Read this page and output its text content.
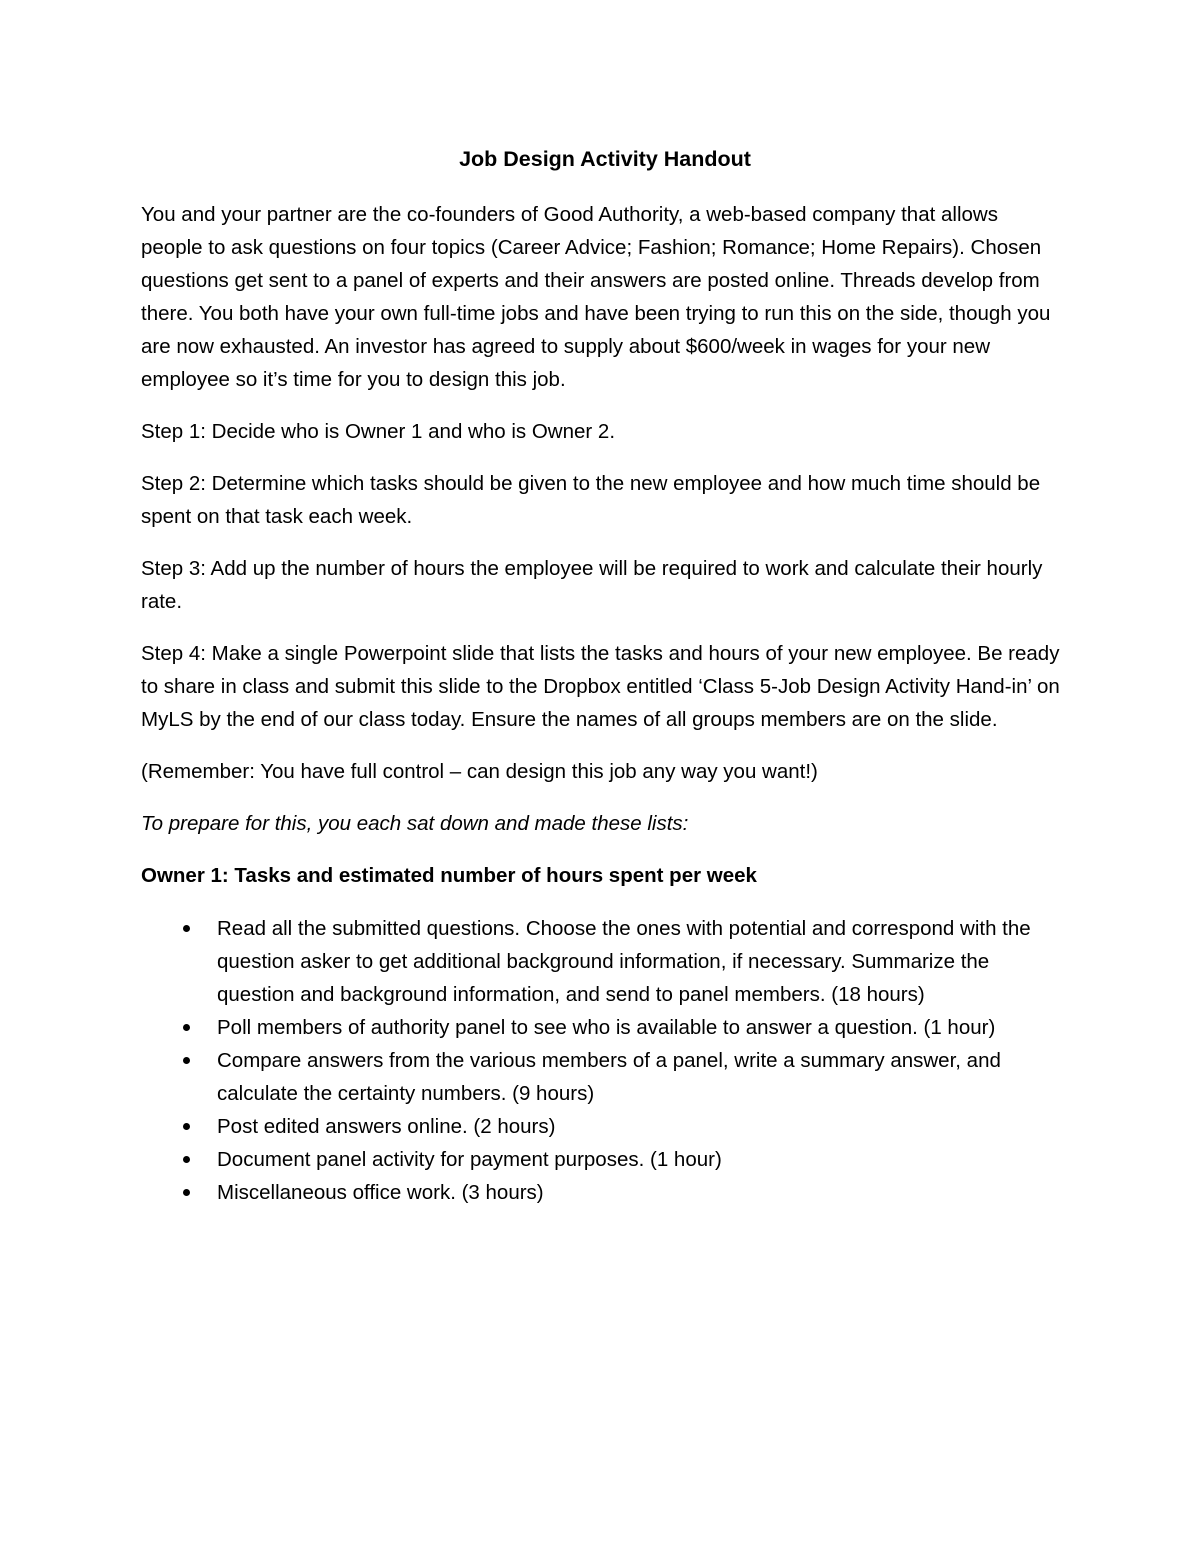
Job Design Activity Handout

You and your partner are the co-founders of Good Authority, a web-based company that allows people to ask questions on four topics (Career Advice; Fashion; Romance; Home Repairs). Chosen questions get sent to a panel of experts and their answers are posted online. Threads develop from there. You both have your own full-time jobs and have been trying to run this on the side, though you are now exhausted. An investor has agreed to supply about $600/week in wages for your new employee so it’s time for you to design this job.

Step 1: Decide who is Owner 1 and who is Owner 2.

Step 2: Determine which tasks should be given to the new employee and how much time should be spent on that task each week.

Step 3: Add up the number of hours the employee will be required to work and calculate their hourly rate.

Step 4: Make a single Powerpoint slide that lists the tasks and hours of your new employee. Be ready to share in class and submit this slide to the Dropbox entitled ‘Class 5-Job Design Activity Hand-in’ on MyLS by the end of our class today. Ensure the names of all groups members are on the slide.

(Remember: You have full control – can design this job any way you want!)

To prepare for this, you each sat down and made these lists:

Owner 1: Tasks and estimated number of hours spent per week

Read all the submitted questions. Choose the ones with potential and correspond with the question asker to get additional background information, if necessary. Summarize the question and background information, and send to panel members. (18 hours)
Poll members of authority panel to see who is available to answer a question. (1 hour)
Compare answers from the various members of a panel, write a summary answer, and calculate the certainty numbers. (9 hours)
Post edited answers online. (2 hours)
Document panel activity for payment purposes. (1 hour)
Miscellaneous office work. (3 hours)
